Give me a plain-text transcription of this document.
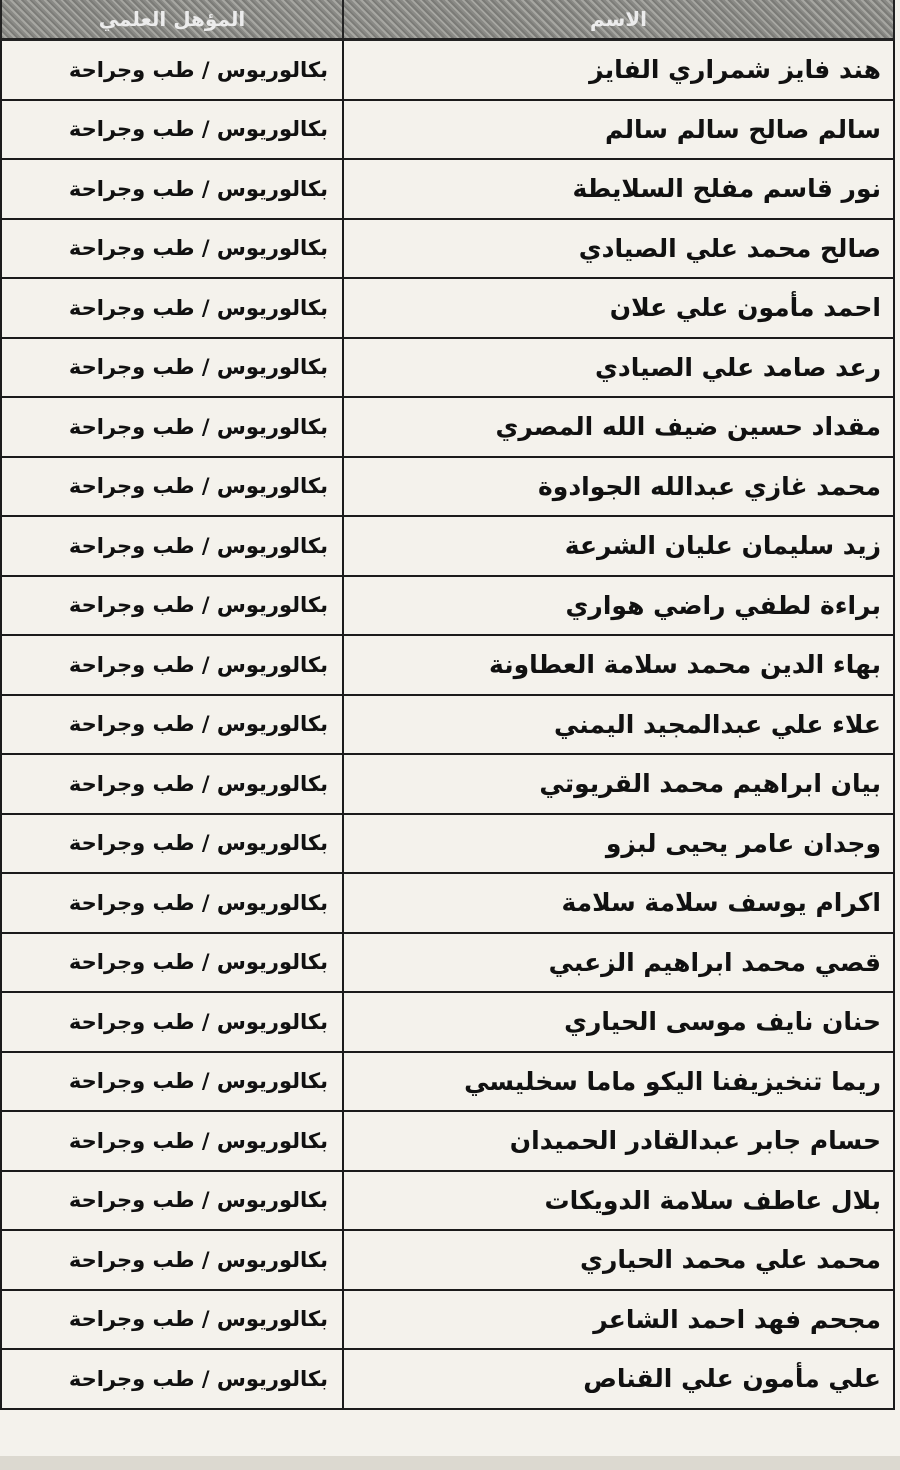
الاسم	المؤهل العلمي
هند فايز شمراري الفايز	بكالوريوس / طب وجراحة
سالم صالح سالم سالم	بكالوريوس / طب وجراحة
نور قاسم مفلح السلايطة	بكالوريوس / طب وجراحة
صالح محمد علي الصيادي	بكالوريوس / طب وجراحة
احمد مأمون علي علان	بكالوريوس / طب وجراحة
رعد صامد علي الصيادي	بكالوريوس / طب وجراحة
مقداد حسين ضيف الله المصري	بكالوريوس / طب وجراحة
محمد غازي عبدالله الجوادوة	بكالوريوس / طب وجراحة
زيد سليمان عليان الشرعة	بكالوريوس / طب وجراحة
براءة لطفي راضي هواري	بكالوريوس / طب وجراحة
بهاء الدين محمد سلامة العطاونة	بكالوريوس / طب وجراحة
علاء علي عبدالمجيد اليمني	بكالوريوس / طب وجراحة
بيان ابراهيم محمد القريوتي	بكالوريوس / طب وجراحة
وجدان عامر يحيى لبزو	بكالوريوس / طب وجراحة
اكرام يوسف سلامة سلامة	بكالوريوس / طب وجراحة
قصي محمد ابراهيم الزعبي	بكالوريوس / طب وجراحة
حنان نايف موسى الحياري	بكالوريوس / طب وجراحة
ريما تنخيزيفنا اليكو ماما سخليسي	بكالوريوس / طب وجراحة
حسام جابر عبدالقادر الحميدان	بكالوريوس / طب وجراحة
بلال عاطف سلامة الدويكات	بكالوريوس / طب وجراحة
محمد علي محمد الحياري	بكالوريوس / طب وجراحة
مجحم فهد احمد الشاعر	بكالوريوس / طب وجراحة
علي مأمون علي القناص	بكالوريوس / طب وجراحة
